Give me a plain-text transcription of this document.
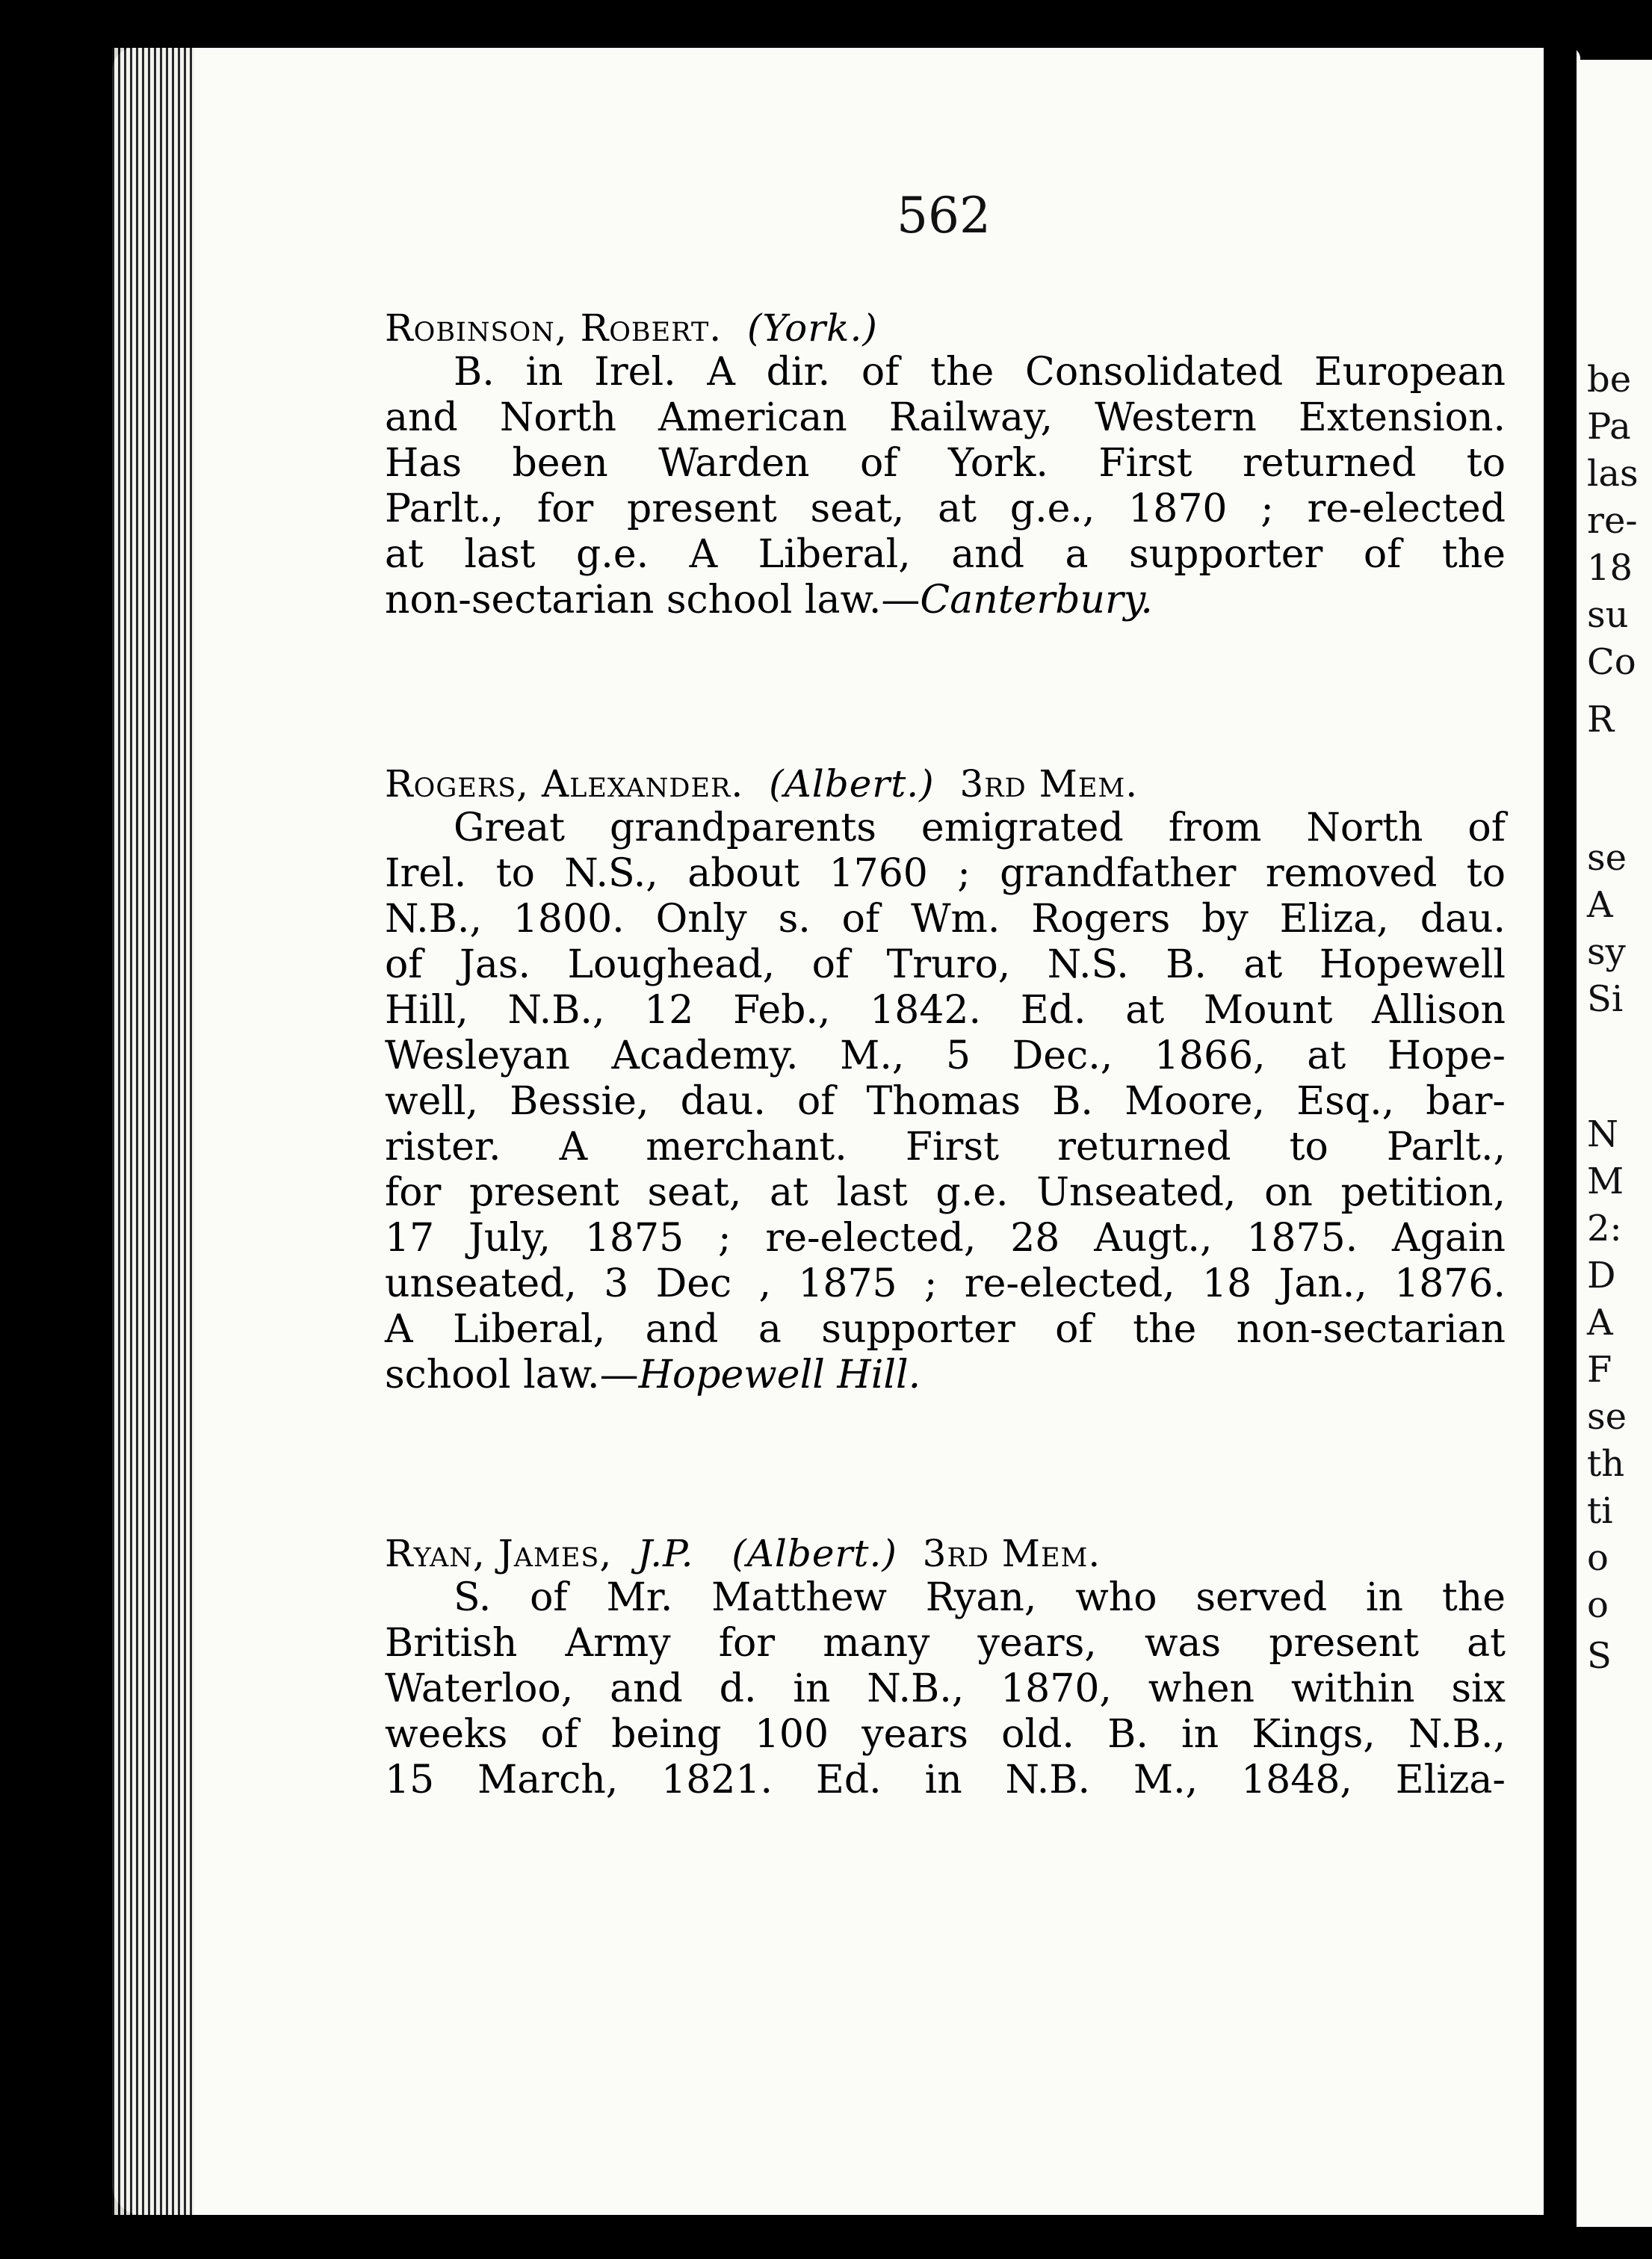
be
Pa
las
re-
18
su
Co
R
se
A
sy
Si
N
M
2:
D
A
F
se
th
ti
o
o
S
562
Robinson, Robert. (York.)
B. in Irel. A dir. of the Consolidated European
and North American Railway, Western Extension.
Has been Warden of York. First returned to
Parlt., for present seat, at g.e., 1870 ; re-elected
at last g.e. A Liberal, and a supporter of the
non-sectarian school law.—Canterbury.
Rogers, Alexander. (Albert.) 3rd Mem.
Great grandparents emigrated from North of
Irel. to N.S., about 1760 ; grandfather removed to
N.B., 1800. Only s. of Wm. Rogers by Eliza, dau.
of Jas. Loughead, of Truro, N.S. B. at Hopewell
Hill, N.B., 12 Feb., 1842. Ed. at Mount Allison
Wesleyan Academy. M., 5 Dec., 1866, at Hope-
well, Bessie, dau. of Thomas B. Moore, Esq., bar-
rister. A merchant. First returned to Parlt.,
for present seat, at last g.e. Unseated, on petition,
17 July, 1875 ; re-elected, 28 Augt., 1875. Again
unseated, 3 Dec , 1875 ; re-elected, 18 Jan., 1876.
A Liberal, and a supporter of the non-sectarian
school law.—Hopewell Hill.
Ryan, James, J.P. (Albert.) 3rd Mem.
S. of Mr. Matthew Ryan, who served in the
British Army for many years, was present at
Waterloo, and d. in N.B., 1870, when within six
weeks of being 100 years old. B. in Kings, N.B.,
15 March, 1821. Ed. in N.B. M., 1848, Eliza-
